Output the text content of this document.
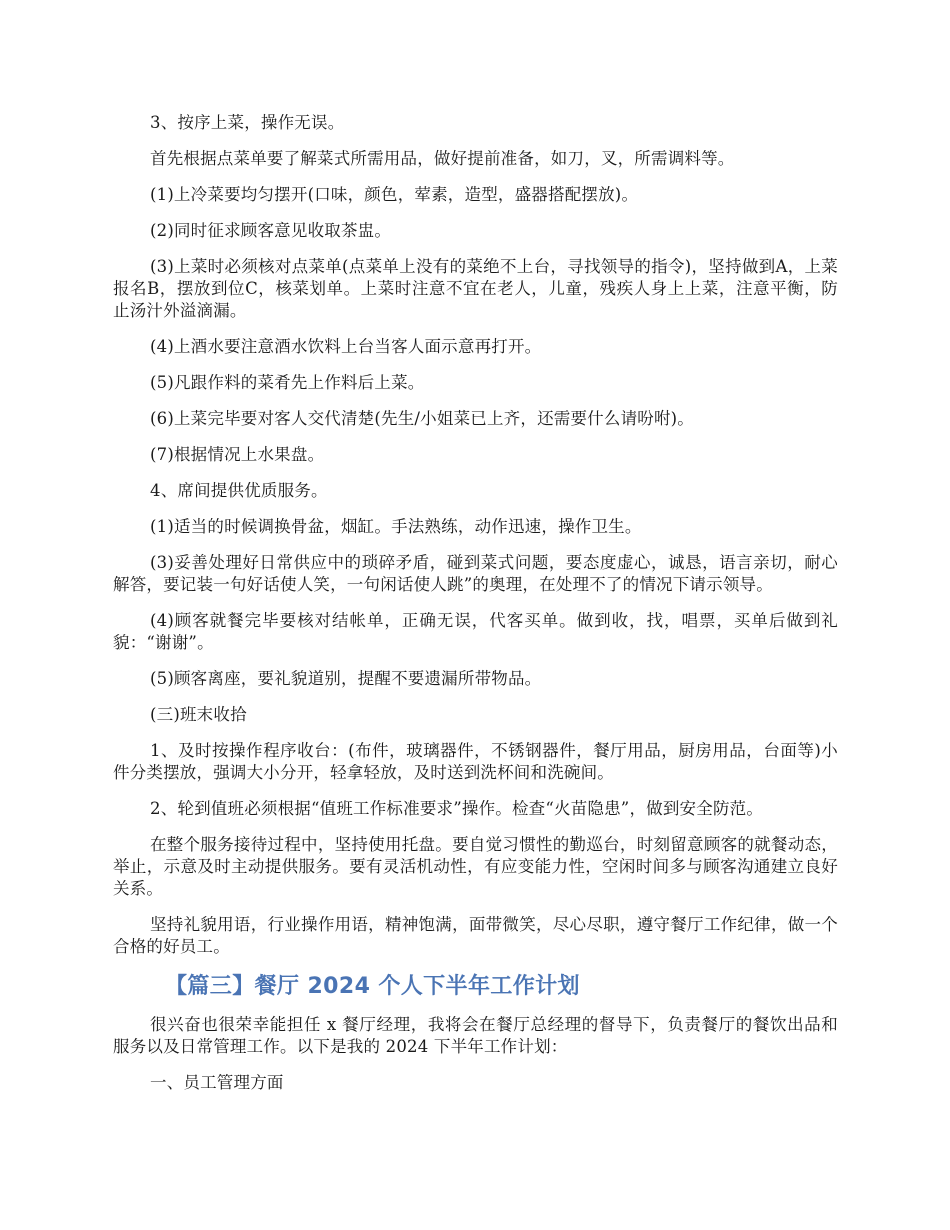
3、按序上菜，操作无误。

首先根据点菜单要了解菜式所需用品，做好提前准备，如刀，叉，所需调料等。

(1)上冷菜要均匀摆开(口味，颜色，荤素，造型，盛器搭配摆放)。

(2)同时征求顾客意见收取茶盅。

(3)上菜时必须核对点菜单(点菜单上没有的菜绝不上台，寻找领导的指令)，坚持做到A，上菜报名B，摆放到位C，核菜划单。上菜时注意不宜在老人，儿童，残疾人身上上菜，注意平衡，防止汤汁外溢滴漏。

(4)上酒水要注意酒水饮料上台当客人面示意再打开。

(5)凡跟作料的菜肴先上作料后上菜。

(6)上菜完毕要对客人交代清楚(先生/小姐菜已上齐，还需要什么请吩咐)。

(7)根据情况上水果盘。

4、席间提供优质服务。

(1)适当的时候调换骨盆，烟缸。手法熟练，动作迅速，操作卫生。

(3)妥善处理好日常供应中的琐碎矛盾，碰到菜式问题，要态度虚心，诚恳，语言亲切，耐心解答，要记装一句好话使人笑，一句闲话使人跳”的奥理，在处理不了的情况下请示领导。

(4)顾客就餐完毕要核对结帐单，正确无误，代客买单。做到收，找，唱票，买单后做到礼貌：“谢谢”。

(5)顾客离座，要礼貌道别，提醒不要遗漏所带物品。

(三)班末收拾

1、及时按操作程序收台：(布件，玻璃器件，不锈钢器件，餐厅用品，厨房用品，台面等)小件分类摆放，强调大小分开，轻拿轻放，及时送到洗杯间和洗碗间。

2、轮到值班必须根据“值班工作标准要求”操作。检查“火苗隐患”，做到安全防范。

在整个服务接待过程中，坚持使用托盘。要自觉习惯性的勤巡台，时刻留意顾客的就餐动态，举止，示意及时主动提供服务。要有灵活机动性，有应变能力性，空闲时间多与顾客沟通建立良好关系。

坚持礼貌用语，行业操作用语，精神饱满，面带微笑，尽心尽职，遵守餐厅工作纪律，做一个合格的好员工。

【篇三】餐厅 2024 个人下半年工作计划

很兴奋也很荣幸能担任 x 餐厅经理，我将会在餐厅总经理的督导下，负责餐厅的餐饮出品和服务以及日常管理工作。以下是我的 2024 下半年工作计划：

一、员工管理方面
